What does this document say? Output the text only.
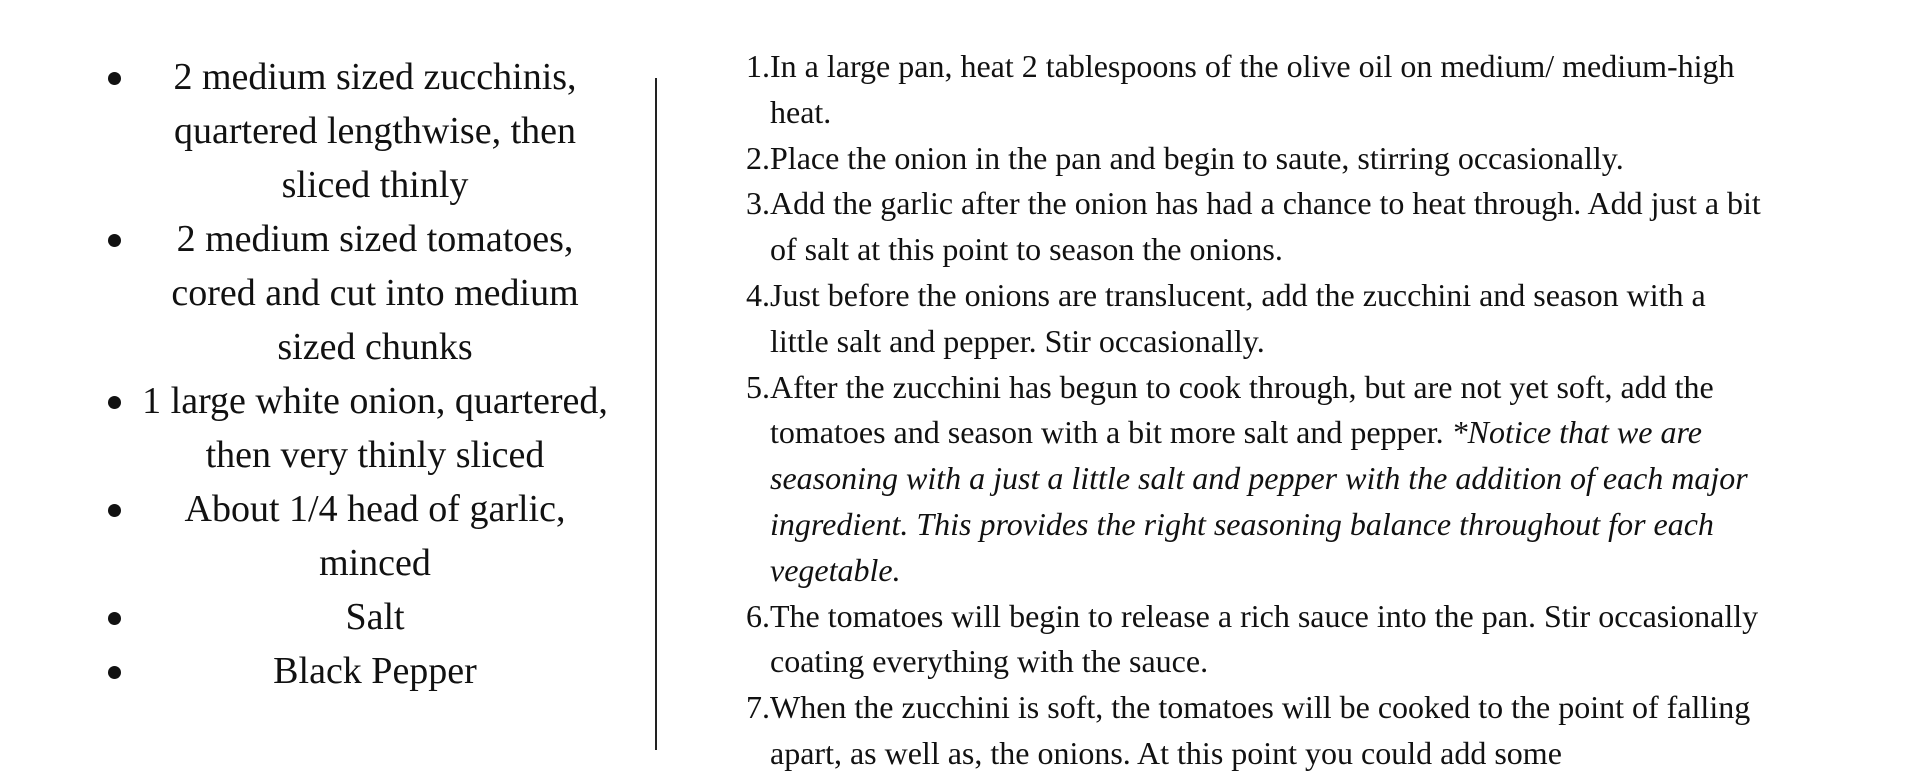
2 medium sized zucchinis, quartered lengthwise, then sliced thinly
2 medium sized tomatoes, cored and cut into medium sized chunks
1 large white onion, quartered, then very thinly sliced
About 1/4 head of garlic, minced
Salt
Black Pepper
1. In a large pan, heat 2 tablespoons of the olive oil on medium/ medium-high heat.
2. Place the onion in the pan and begin to saute, stirring occasionally.
3. Add the garlic after the onion has had a chance to heat through. Add just a bit of salt at this point to season the onions.
4. Just before the onions are translucent, add the zucchini and season with a little salt and pepper. Stir occasionally.
5. After the zucchini has begun to cook through, but are not yet soft, add the tomatoes and season with a bit more salt and pepper. *Notice that we are seasoning with a just a little salt and pepper with the addition of each major ingredient. This provides the right seasoning balance throughout for each vegetable.
6. The tomatoes will begin to release a rich sauce into the pan. Stir occasionally coating everything with the sauce.
7. When the zucchini is soft, the tomatoes will be cooked to the point of falling apart, as well as, the onions. At this point you could add some
